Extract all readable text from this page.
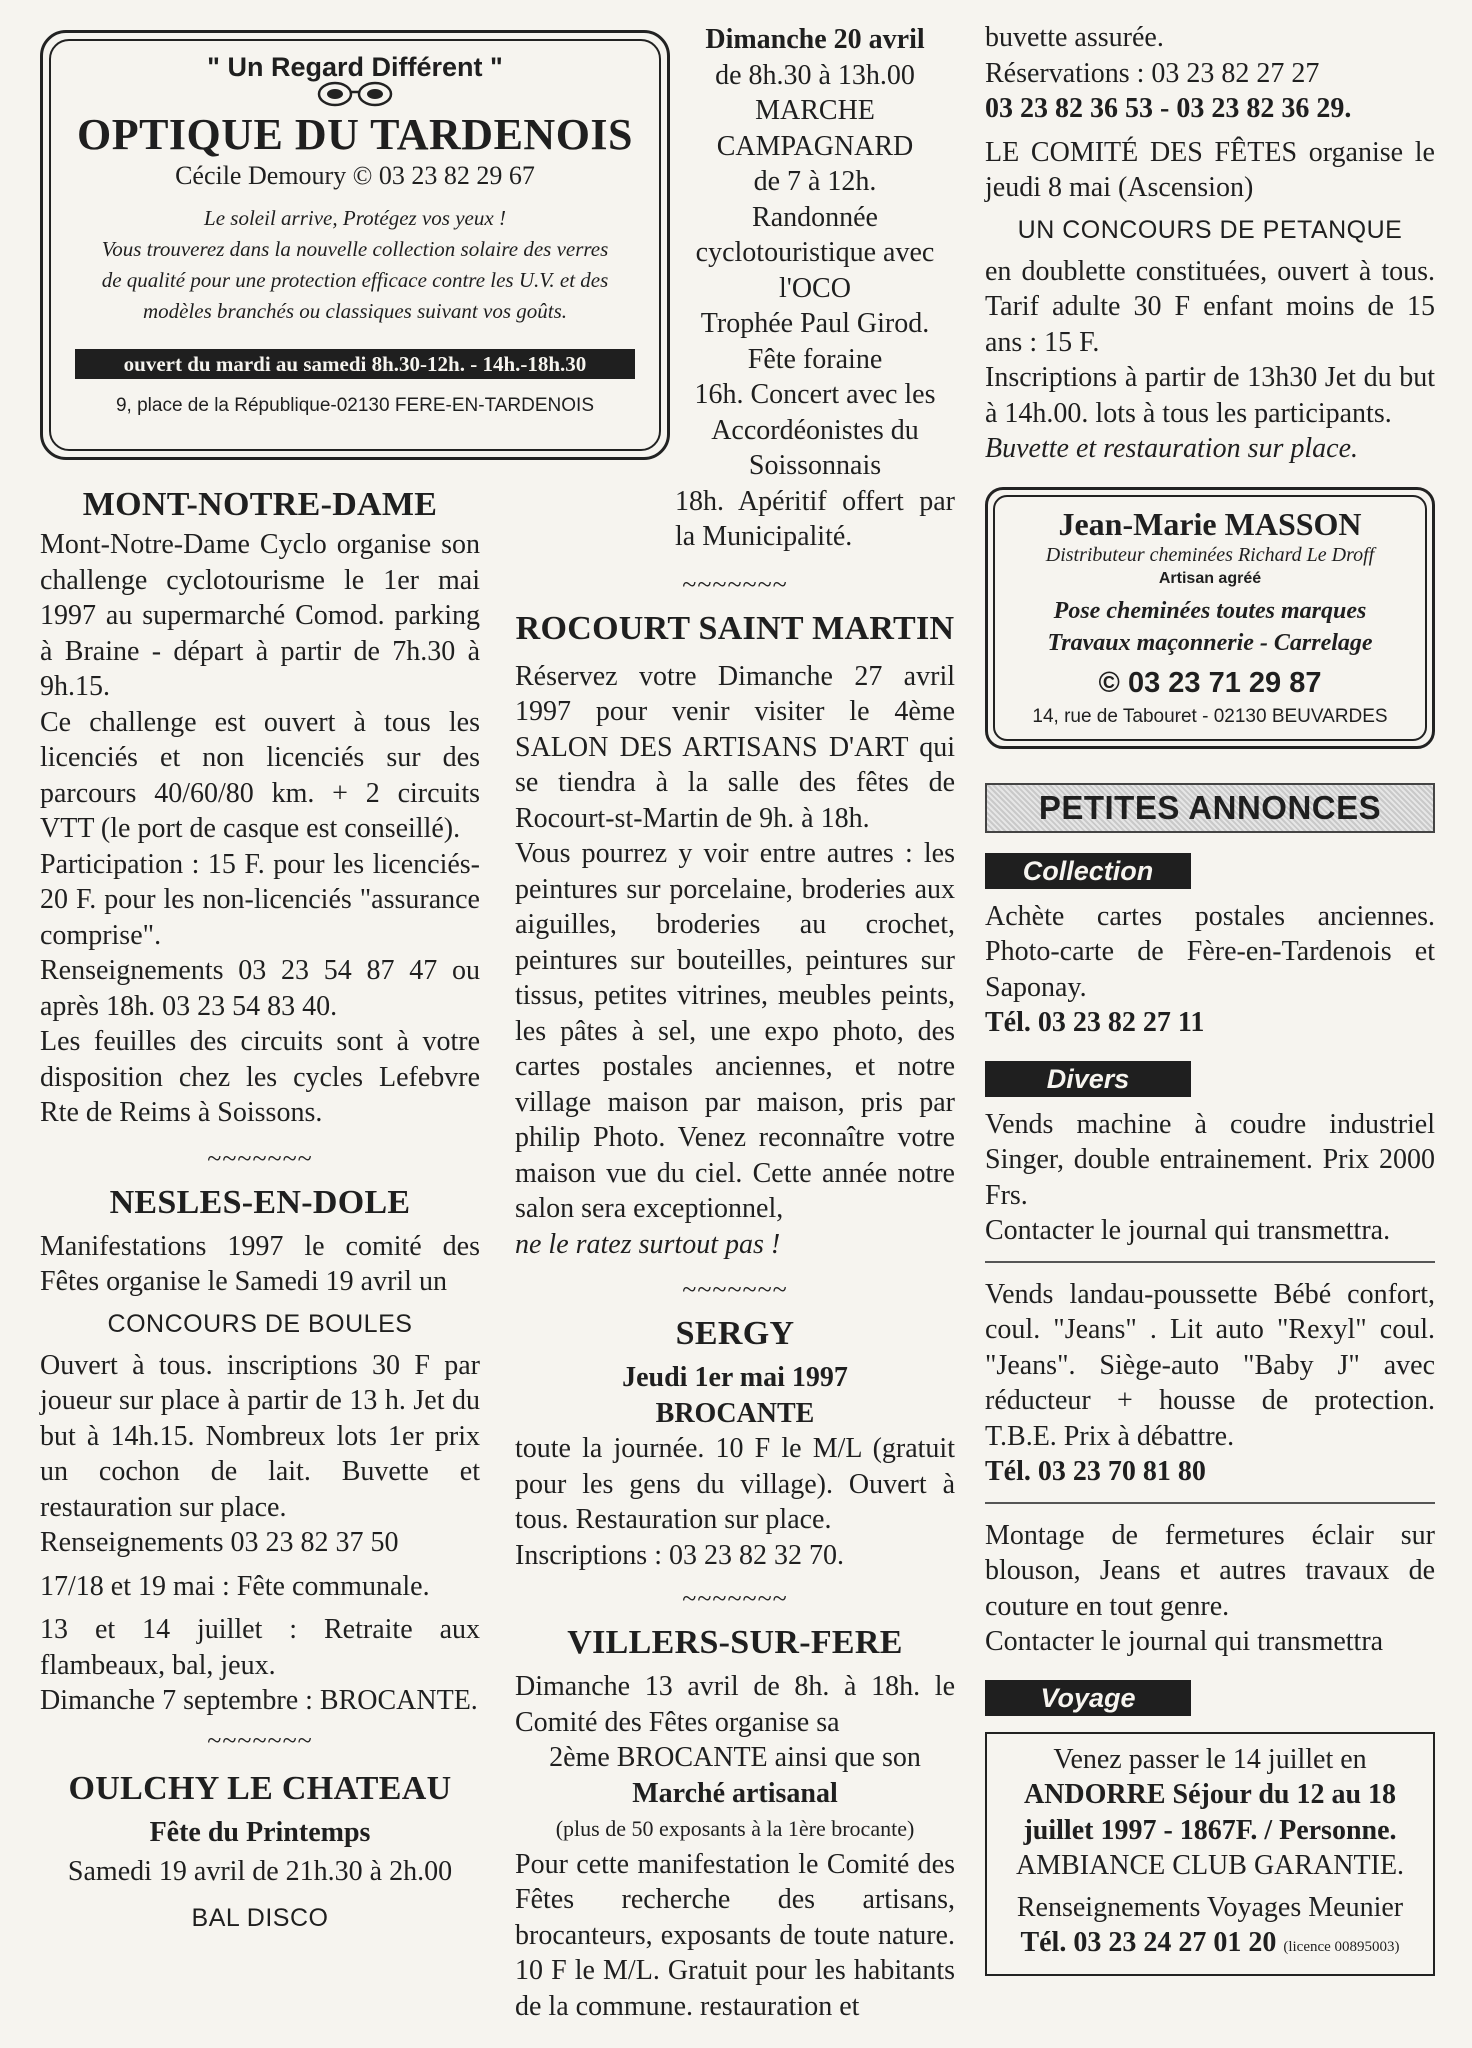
" Un Regard Différent "
OPTIQUE DU TARDENOIS
Cécile Demoury © 03 23 82 29 67
Le soleil arrive, Protégez vos yeux !
Vous trouverez dans la nouvelle collection solaire des verres
de qualité pour une protection efficace contre les U.V. et des
modèles branchés ou classiques suivant vos goûts.
ouvert du mardi au samedi 8h.30-12h. - 14h.-18h.30
9, place de la République-02130 FERE-EN-TARDENOIS
MONT-NOTRE-DAME

Mont-Notre-Dame Cyclo organise son challenge cyclotourisme le 1er mai 1997 au supermarché Comod. parking à Braine - départ à partir de 7h.30 à 9h.15.

Ce challenge est ouvert à tous les licenciés et non licenciés sur des parcours 40/60/80 km. + 2 circuits VTT (le port de casque est conseillé).

Participation : 15 F. pour les licenciés- 20 F. pour les non-licenciés "assurance comprise".

Renseignements 03 23 54 87 47 ou après 18h. 03 23 54 83 40.

Les feuilles des circuits sont à votre disposition chez les cycles Lefebvre Rte de Reims à Soissons.

~~~~~~~
NESLES-EN-DOLE

Manifestations 1997 le comité des Fêtes organise le Samedi 19 avril un

CONCOURS DE BOULES

Ouvert à tous. inscriptions 30 F par joueur sur place à partir de 13 h. Jet du but à 14h.15. Nombreux lots 1er prix un cochon de lait. Buvette et restauration sur place.

Renseignements 03 23 82 37 50

17/18 et 19 mai : Fête communale.

13 et 14 juillet : Retraite aux flambeaux, bal, jeux.

Dimanche 7 septembre : BROCANTE.

~~~~~~~
OULCHY LE CHATEAU

Fête du Printemps

Samedi 19 avril de 21h.30 à 2h.00

BAL DISCO

Dimanche 20 avril

de 8h.30 à 13h.00

MARCHE CAMPAGNARD

de 7 à 12h.

Randonnée cyclotouristique avec l'OCO

Trophée Paul Girod.

Fête foraine

16h. Concert avec les Accordéonistes du Soissonnais

18h. Apéritif offert par la Municipalité.

~~~~~~~
ROCOURT SAINT MARTIN

Réservez votre Dimanche 27 avril 1997 pour venir visiter le 4ème SALON DES ARTISANS D'ART qui se tiendra à la salle des fêtes de Rocourt-st-Martin de 9h. à 18h.

Vous pourrez y voir entre autres : les peintures sur porcelaine, broderies aux aiguilles, broderies au crochet, peintures sur bouteilles, peintures sur tissus, petites vitrines, meubles peints, les pâtes à sel, une expo photo, des cartes postales anciennes, et notre village maison par maison, pris par philip Photo. Venez reconnaître votre maison vue du ciel. Cette année notre salon sera exceptionnel,

ne le ratez surtout pas !

~~~~~~~
SERGY

Jeudi 1er mai 1997

BROCANTE

toute la journée. 10 F le M/L (gratuit pour les gens du village). Ouvert à tous. Restauration sur place.

Inscriptions : 03 23 82 32 70.

~~~~~~~
VILLERS-SUR-FERE

Dimanche 13 avril de 8h. à 18h. le Comité des Fêtes organise sa

2ème BROCANTE ainsi que son

Marché artisanal

(plus de 50 exposants à la 1ère brocante)

Pour cette manifestation le Comité des Fêtes recherche des artisans, brocanteurs, exposants de toute nature. 10 F le M/L. Gratuit pour les habitants de la commune. restauration et

buvette assurée.

Réservations : 03 23 82 27 27

03 23 82 36 53 - 03 23 82 36 29.

LE COMITÉ DES FÊTES organise le jeudi 8 mai (Ascension)

UN CONCOURS DE PETANQUE

en doublette constituées, ouvert à tous. Tarif adulte 30 F enfant moins de 15 ans : 15 F.

Inscriptions à partir de 13h30 Jet du but à 14h.00. lots à tous les participants.

Buvette et restauration sur place.

Jean-Marie MASSON
Distributeur cheminées Richard Le Droff
Artisan agréé
Pose cheminées toutes marques
Travaux maçonnerie - Carrelage
© 03 23 71 29 87
14, rue de Tabouret - 02130 BEUVARDES
PETITES ANNONCES
Collection

Achète cartes postales anciennes. Photo-carte de Fère-en-Tardenois et Saponay.

Tél. 03 23 82 27 11

Divers

Vends machine à coudre industriel Singer, double entrainement. Prix 2000 Frs.

Contacter le journal qui transmettra.

Vends landau-poussette Bébé confort, coul. "Jeans" . Lit auto "Rexyl" coul. "Jeans". Siège-auto "Baby J" avec réducteur + housse de protection. T.B.E. Prix à débattre.

Tél. 03 23 70 81 80

Montage de fermetures éclair sur blouson, Jeans et autres travaux de couture en tout genre.

Contacter le journal qui transmettra

Voyage

Venez passer le 14 juillet en

ANDORRE Séjour du 12 au 18 juillet 1997 - 1867F. / Personne.

AMBIANCE CLUB GARANTIE.

Renseignements Voyages Meunier

Tél. 03 23 24 27 01 20 (licence 00895003)
